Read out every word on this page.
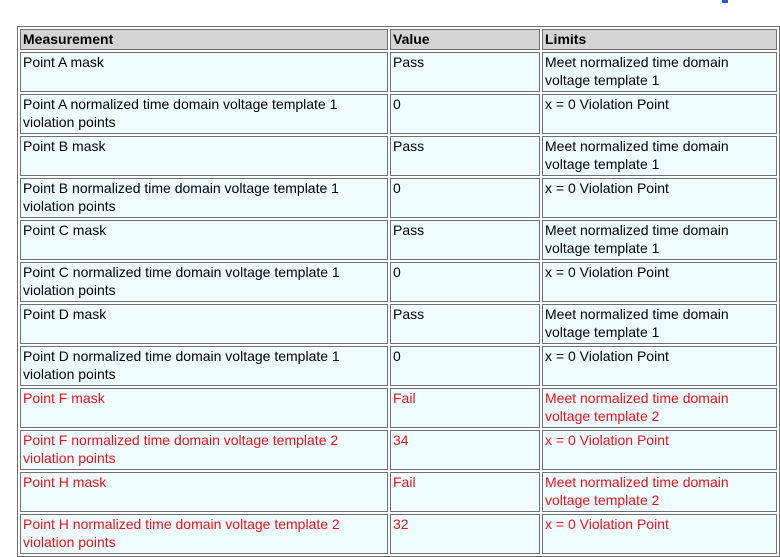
Measurement	Value	Limits
Point A mask	Pass	Meet normalized time domain
voltage template 1
Point A normalized time domain voltage template 1
violation points	0	x = 0 Violation Point
Point B mask	Pass	Meet normalized time domain
voltage template 1
Point B normalized time domain voltage template 1
violation points	0	x = 0 Violation Point
Point C mask	Pass	Meet normalized time domain
voltage template 1
Point C normalized time domain voltage template 1
violation points	0	x = 0 Violation Point
Point D mask	Pass	Meet normalized time domain
voltage template 1
Point D normalized time domain voltage template 1
violation points	0	x = 0 Violation Point
Point F mask	Fail	Meet normalized time domain
voltage template 2
Point F normalized time domain voltage template 2
violation points	34	x = 0 Violation Point
Point H mask	Fail	Meet normalized time domain
voltage template 2
Point H normalized time domain voltage template 2
violation points	32	x = 0 Violation Point
